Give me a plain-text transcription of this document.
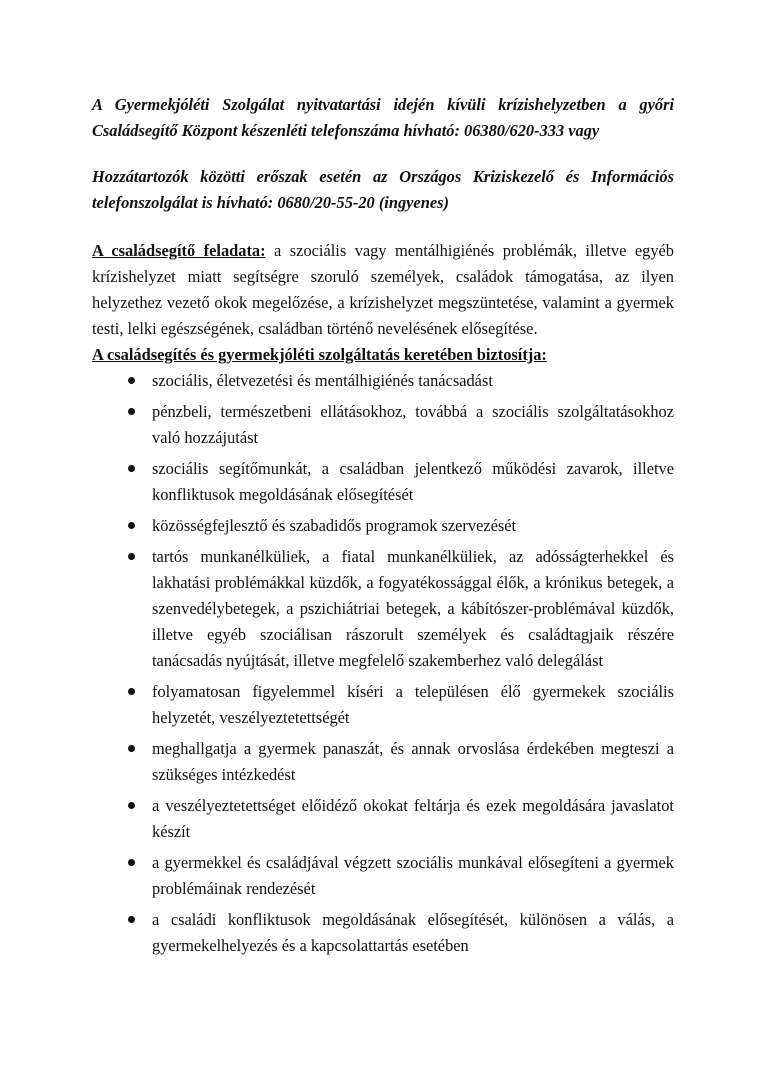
A Gyermekjóléti Szolgálat nyitvatartási idején kívüli krízishelyzetben a győri Családsegítő Központ készenléti telefonszáma hívható: 06380/620-333 vagy

Hozzátartozók közötti erőszak esetén az Országos Kriziskezelő és Információs telefonszolgálat is hívható: 0680/20-55-20 (ingyenes)

A családsegítő feladata: a szociális vagy mentálhigiénés problémák, illetve egyéb krízishelyzet miatt segítségre szoruló személyek, családok támogatása, az ilyen helyzethez vezető okok megelőzése, a krízishelyzet megszüntetése, valamint a gyermek testi, lelki egészségének, családban történő nevelésének elősegítése.

A családsegítés és gyermekjóléti szolgáltatás keretében biztosítja:

szociális, életvezetési és mentálhigiénés tanácsadást
pénzbeli, természetbeni ellátásokhoz, továbbá a szociális szolgáltatásokhoz való hozzájutást
szociális segítőmunkát, a családban jelentkező működési zavarok, illetve konfliktusok megoldásának elősegítését
közösségfejlesztő és szabadidős programok szervezését
tartós munkanélküliek, a fiatal munkanélküliek, az adósságterhekkel és lakhatási problémákkal küzdők, a fogyatékossággal élők, a krónikus betegek, a szenvedélybetegek, a pszichiátriai betegek, a kábítószer-problémával küzdők, illetve egyéb szociálisan rászorult személyek és családtagjaik részére tanácsadás nyújtását, illetve megfelelő szakemberhez való delegálást
folyamatosan figyelemmel kíséri a településen élő gyermekek szociális helyzetét, veszélyeztetettségét
meghallgatja a gyermek panaszát, és annak orvoslása érdekében megteszi a szükséges intézkedést
a veszélyeztetettséget előidéző okokat feltárja és ezek megoldására javaslatot készít
a gyermekkel és családjával végzett szociális munkával elősegíteni a gyermek problémáinak rendezését
a családi konfliktusok megoldásának elősegítését, különösen a válás, a gyermekelhelyezés és a kapcsolattartás esetében
